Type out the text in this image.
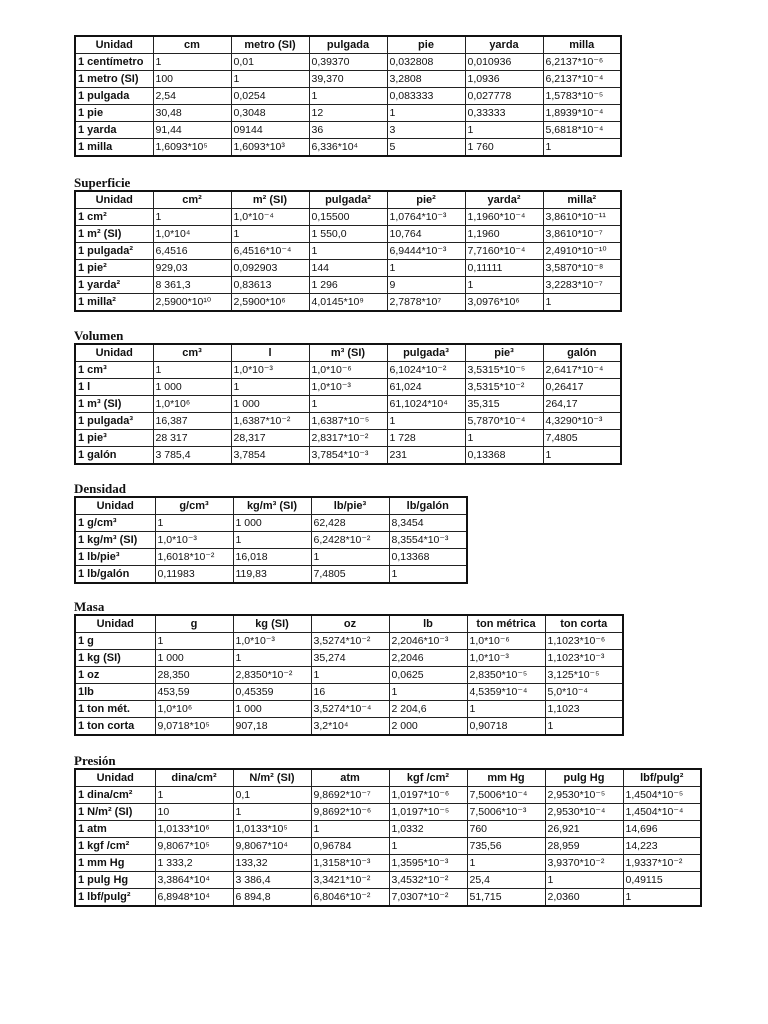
Unidad	cm	metro (SI)	pulgada	pie	yarda	milla
1 centímetro	1	0,01	0,39370	0,032808	0,010936	6,2137*10⁻⁶
1 metro (SI)	100	1	39,370	3,2808	1,0936	6,2137*10⁻⁴
1 pulgada	2,54	0,0254	1	0,083333	0,027778	1,5783*10⁻⁵
1 pie	30,48	0,3048	12	1	0,33333	1,8939*10⁻⁴
1 yarda	91,44	09144	36	3	1	5,6818*10⁻⁴
1 milla	1,6093*10⁵	1,6093*10³	6,336*10⁴	5	1 760	1
Superficie
Unidad	cm²	m² (SI)	pulgada²	pie²	yarda²	milla²
1 cm²	1	1,0*10⁻⁴	0,15500	1,0764*10⁻³	1,1960*10⁻⁴	3,8610*10⁻¹¹
1 m² (SI)	1,0*10⁴	1	1 550,0	10,764	1,1960	3,8610*10⁻⁷
1 pulgada²	6,4516	6,4516*10⁻⁴	1	6,9444*10⁻³	7,7160*10⁻⁴	2,4910*10⁻¹⁰
1 pie²	929,03	0,092903	144	1	0,11111	3,5870*10⁻⁸
1 yarda²	8 361,3	0,83613	1 296	9	1	3,2283*10⁻⁷
1 milla²	2,5900*10¹⁰	2,5900*10⁶	4,0145*10⁹	2,7878*10⁷	3,0976*10⁶	1
Volumen
Unidad	cm³	l	m³ (SI)	pulgada³	pie³	galón
1 cm³	1	1,0*10⁻³	1,0*10⁻⁶	6,1024*10⁻²	3,5315*10⁻⁵	2,6417*10⁻⁴
1 l	1 000	1	1,0*10⁻³	61,024	3,5315*10⁻²	0,26417
1 m³ (SI)	1,0*10⁶	1 000	1	61,1024*10⁴	35,315	264,17
1 pulgada³	16,387	1,6387*10⁻²	1,6387*10⁻⁵	1	5,7870*10⁻⁴	4,3290*10⁻³
1 pie³	28 317	28,317	2,8317*10⁻²	1 728	1	7,4805
1 galón	3 785,4	3,7854	3,7854*10⁻³	231	0,13368	1
Densidad
Unidad	g/cm³	kg/m³ (SI)	lb/pie³	lb/galón
1 g/cm³	1	1 000	62,428	8,3454
1 kg/m³ (SI)	1,0*10⁻³	1	6,2428*10⁻²	8,3554*10⁻³
1 lb/pie³	1,6018*10⁻²	16,018	1	0,13368
1 lb/galón	0,11983	119,83	7,4805	1
Masa
Unidad	g	kg (SI)	oz	lb	ton métrica	ton corta
1 g	1	1,0*10⁻³	3,5274*10⁻²	2,2046*10⁻³	1,0*10⁻⁶	1,1023*10⁻⁶
1 kg (SI)	1 000	1	35,274	2,2046	1,0*10⁻³	1,1023*10⁻³
1 oz	28,350	2,8350*10⁻²	1	0,0625	2,8350*10⁻⁵	3,125*10⁻⁵
1lb	453,59	0,45359	16	1	4,5359*10⁻⁴	5,0*10⁻⁴
1 ton mét.	1,0*10⁶	1 000	3,5274*10⁻⁴	2 204,6	1	1,1023
1 ton corta	9,0718*10⁵	907,18	3,2*10⁴	2 000	0,90718	1
Presión
Unidad	dina/cm²	N/m² (SI)	atm	kgf /cm²	mm Hg	pulg Hg	lbf/pulg²
1 dina/cm²	1	0,1	9,8692*10⁻⁷	1,0197*10⁻⁶	7,5006*10⁻⁴	2,9530*10⁻⁵	1,4504*10⁻⁵
1 N/m² (SI)	10	1	9,8692*10⁻⁶	1,0197*10⁻⁵	7,5006*10⁻³	2,9530*10⁻⁴	1,4504*10⁻⁴
1 atm	1,0133*10⁶	1,0133*10⁵	1	1,0332	760	26,921	14,696
1 kgf /cm²	9,8067*10⁵	9,8067*10⁴	0,96784	1	735,56	28,959	14,223
1 mm Hg	1 333,2	133,32	1,3158*10⁻³	1,3595*10⁻³	1	3,9370*10⁻²	1,9337*10⁻²
1 pulg Hg	3,3864*10⁴	3 386,4	3,3421*10⁻²	3,4532*10⁻²	25,4	1	0,49115
1 lbf/pulg²	6,8948*10⁴	6 894,8	6,8046*10⁻²	7,0307*10⁻²	51,715	2,0360	1
